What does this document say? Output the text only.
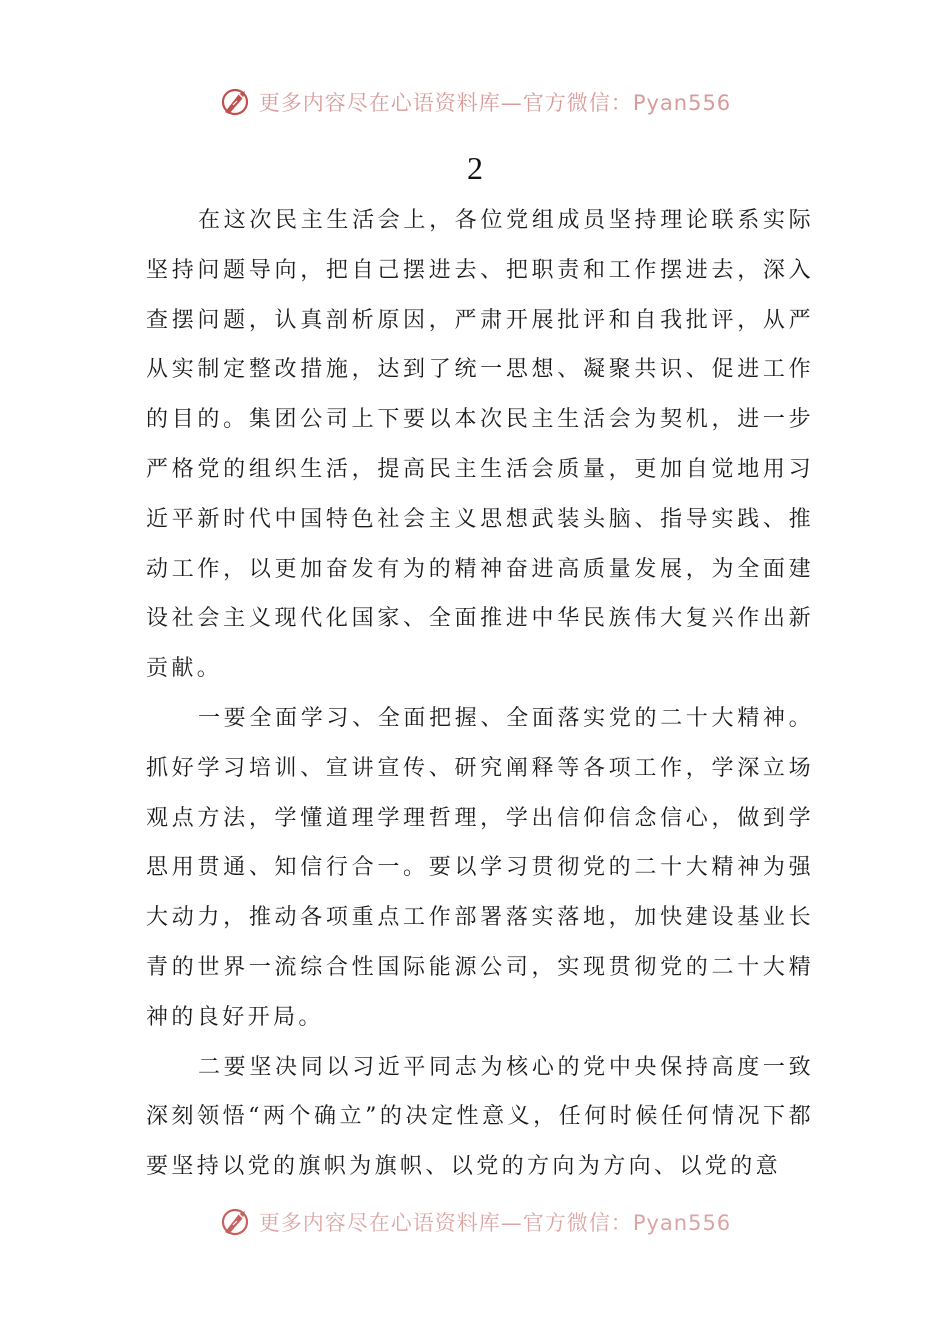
更多内容尽在心语资料库—官方微信：Pyan556
2

在这次民主生活会上，各位党组成员坚持理论联系实际坚持问题导向，把自己摆进去、把职责和工作摆进去，深入查摆问题，认真剖析原因，严肃开展批评和自我批评，从严从实制定整改措施，达到了统一思想、凝聚共识、促进工作的目的。集团公司上下要以本次民主生活会为契机，进一步严格党的组织生活，提高民主生活会质量，更加自觉地用习近平新时代中国特色社会主义思想武装头脑、指导实践、推动工作，以更加奋发有为的精神奋进高质量发展，为全面建设社会主义现代化国家、全面推进中华民族伟大复兴作出新贡献。

一要全面学习、全面把握、全面落实党的二十大精神。抓好学习培训、宣讲宣传、研究阐释等各项工作，学深立场观点方法，学懂道理学理哲理，学出信仰信念信心，做到学思用贯通、知信行合一。要以学习贯彻党的二十大精神为强大动力，推动各项重点工作部署落实落地，加快建设基业长青的世界一流综合性国际能源公司，实现贯彻党的二十大精神的良好开局。

二要坚决同以习近平同志为核心的党中央保持高度一致深刻领悟“两个确立”的决定性意义，任何时候任何情况下都要坚持以党的旗帜为旗帜、以党的方向为方向、以党的意

更多内容尽在心语资料库—官方微信：Pyan556
